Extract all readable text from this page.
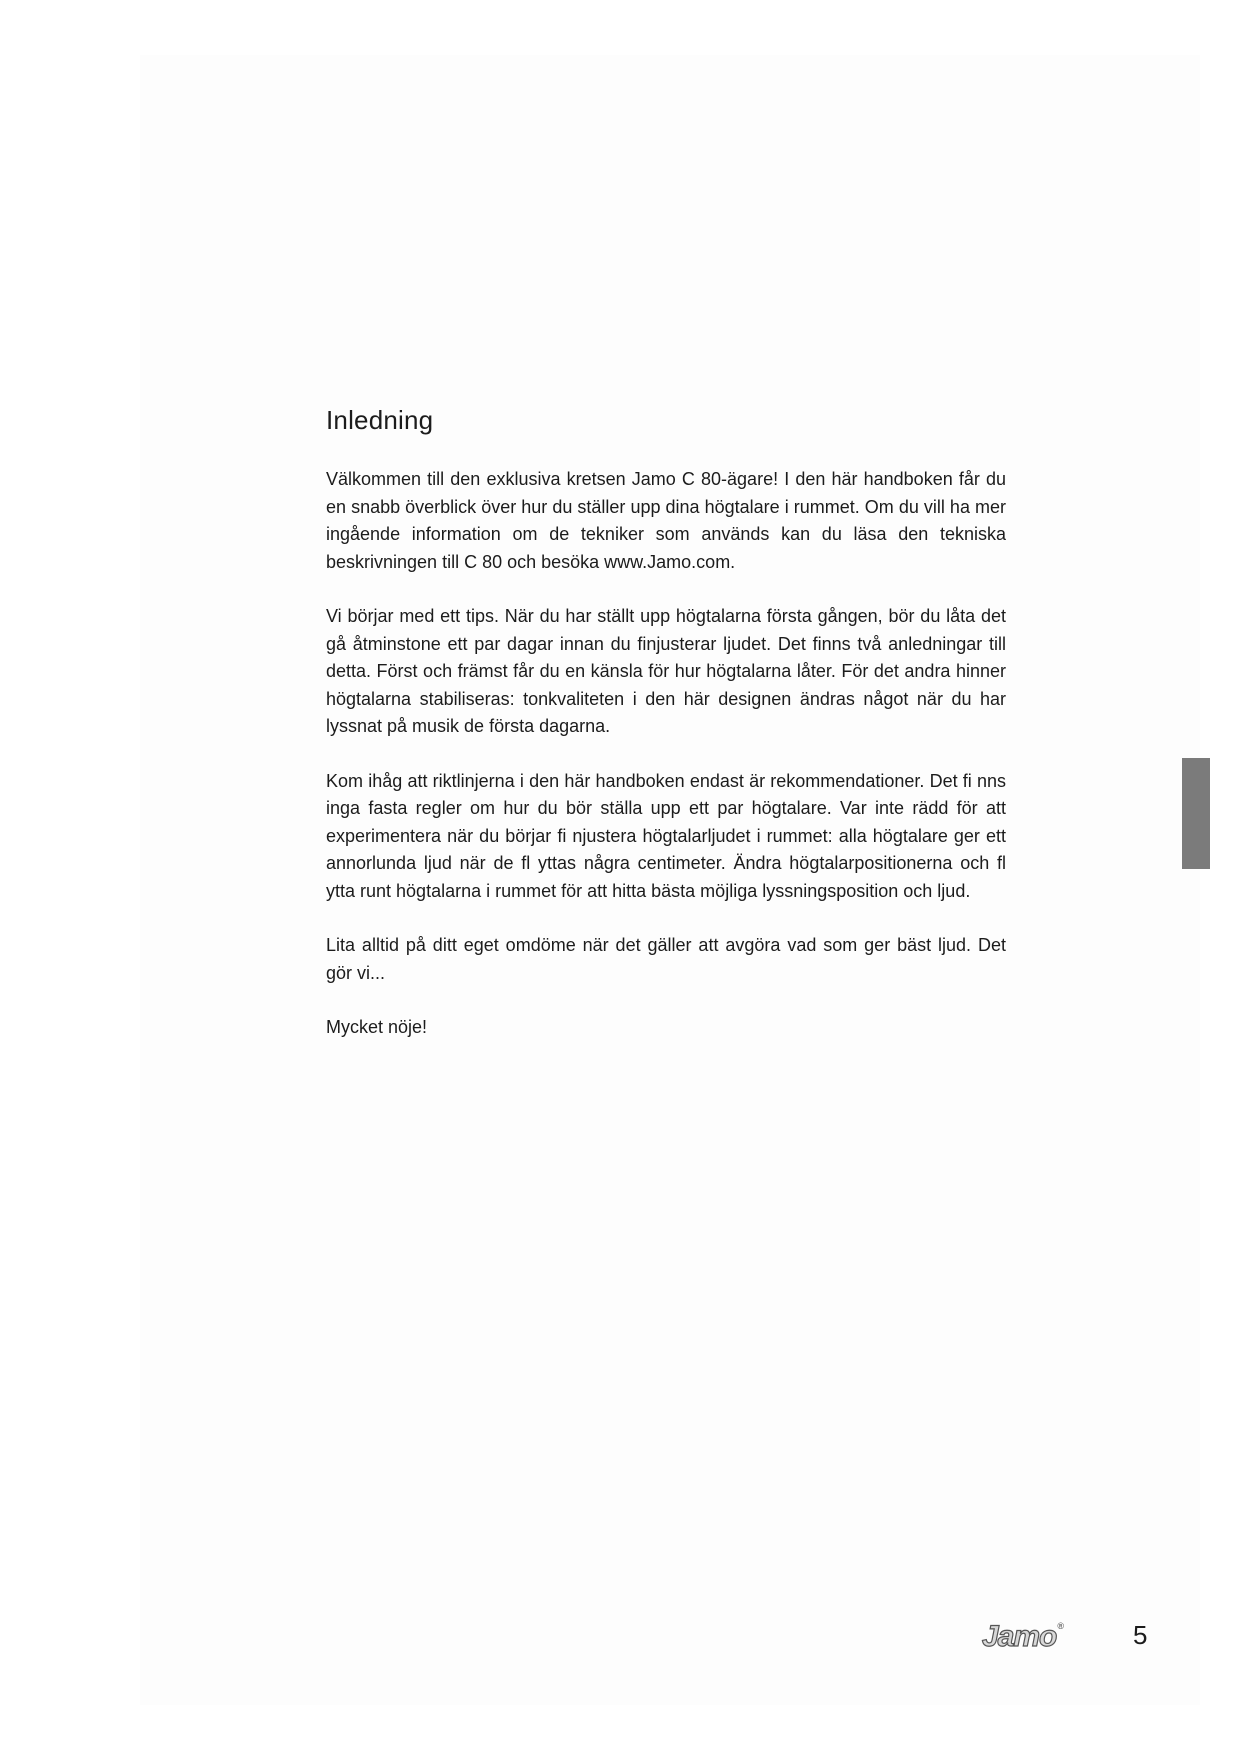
Inledning

Välkommen till den exklusiva kretsen Jamo C 80-ägare! I den här handboken får du en snabb överblick över hur du ställer upp dina högtalare i rummet. Om du vill ha mer ingående information om de tekniker som används kan du läsa den tekniska beskrivningen till C 80 och besöka www.Jamo.com.

Vi börjar med ett tips. När du har ställt upp högtalarna första gången, bör du låta det gå åtminstone ett par dagar innan du finjusterar ljudet. Det finns två anledningar till detta. Först och främst får du en känsla för hur högtalarna låter. För det andra hinner högtalarna stabiliseras: tonkvaliteten i den här designen ändras något när du har lyssnat på musik de första dagarna.

Kom ihåg att riktlinjerna i den här handboken endast är rekommendationer. Det fi nns inga fasta regler om hur du bör ställa upp ett par högtalare. Var inte rädd för att experimentera när du börjar fi njustera högtalarljudet i rummet: alla högtalare ger ett annorlunda ljud när de fl yttas några centimeter. Ändra högtalarpositionerna och fl ytta runt högtalarna i rummet för att hitta bästa möjliga lyssningsposition och ljud.

Lita alltid på ditt eget omdöme när det gäller att avgöra vad som ger bäst ljud. Det gör vi...

Mycket nöje!

Jamo®	5
